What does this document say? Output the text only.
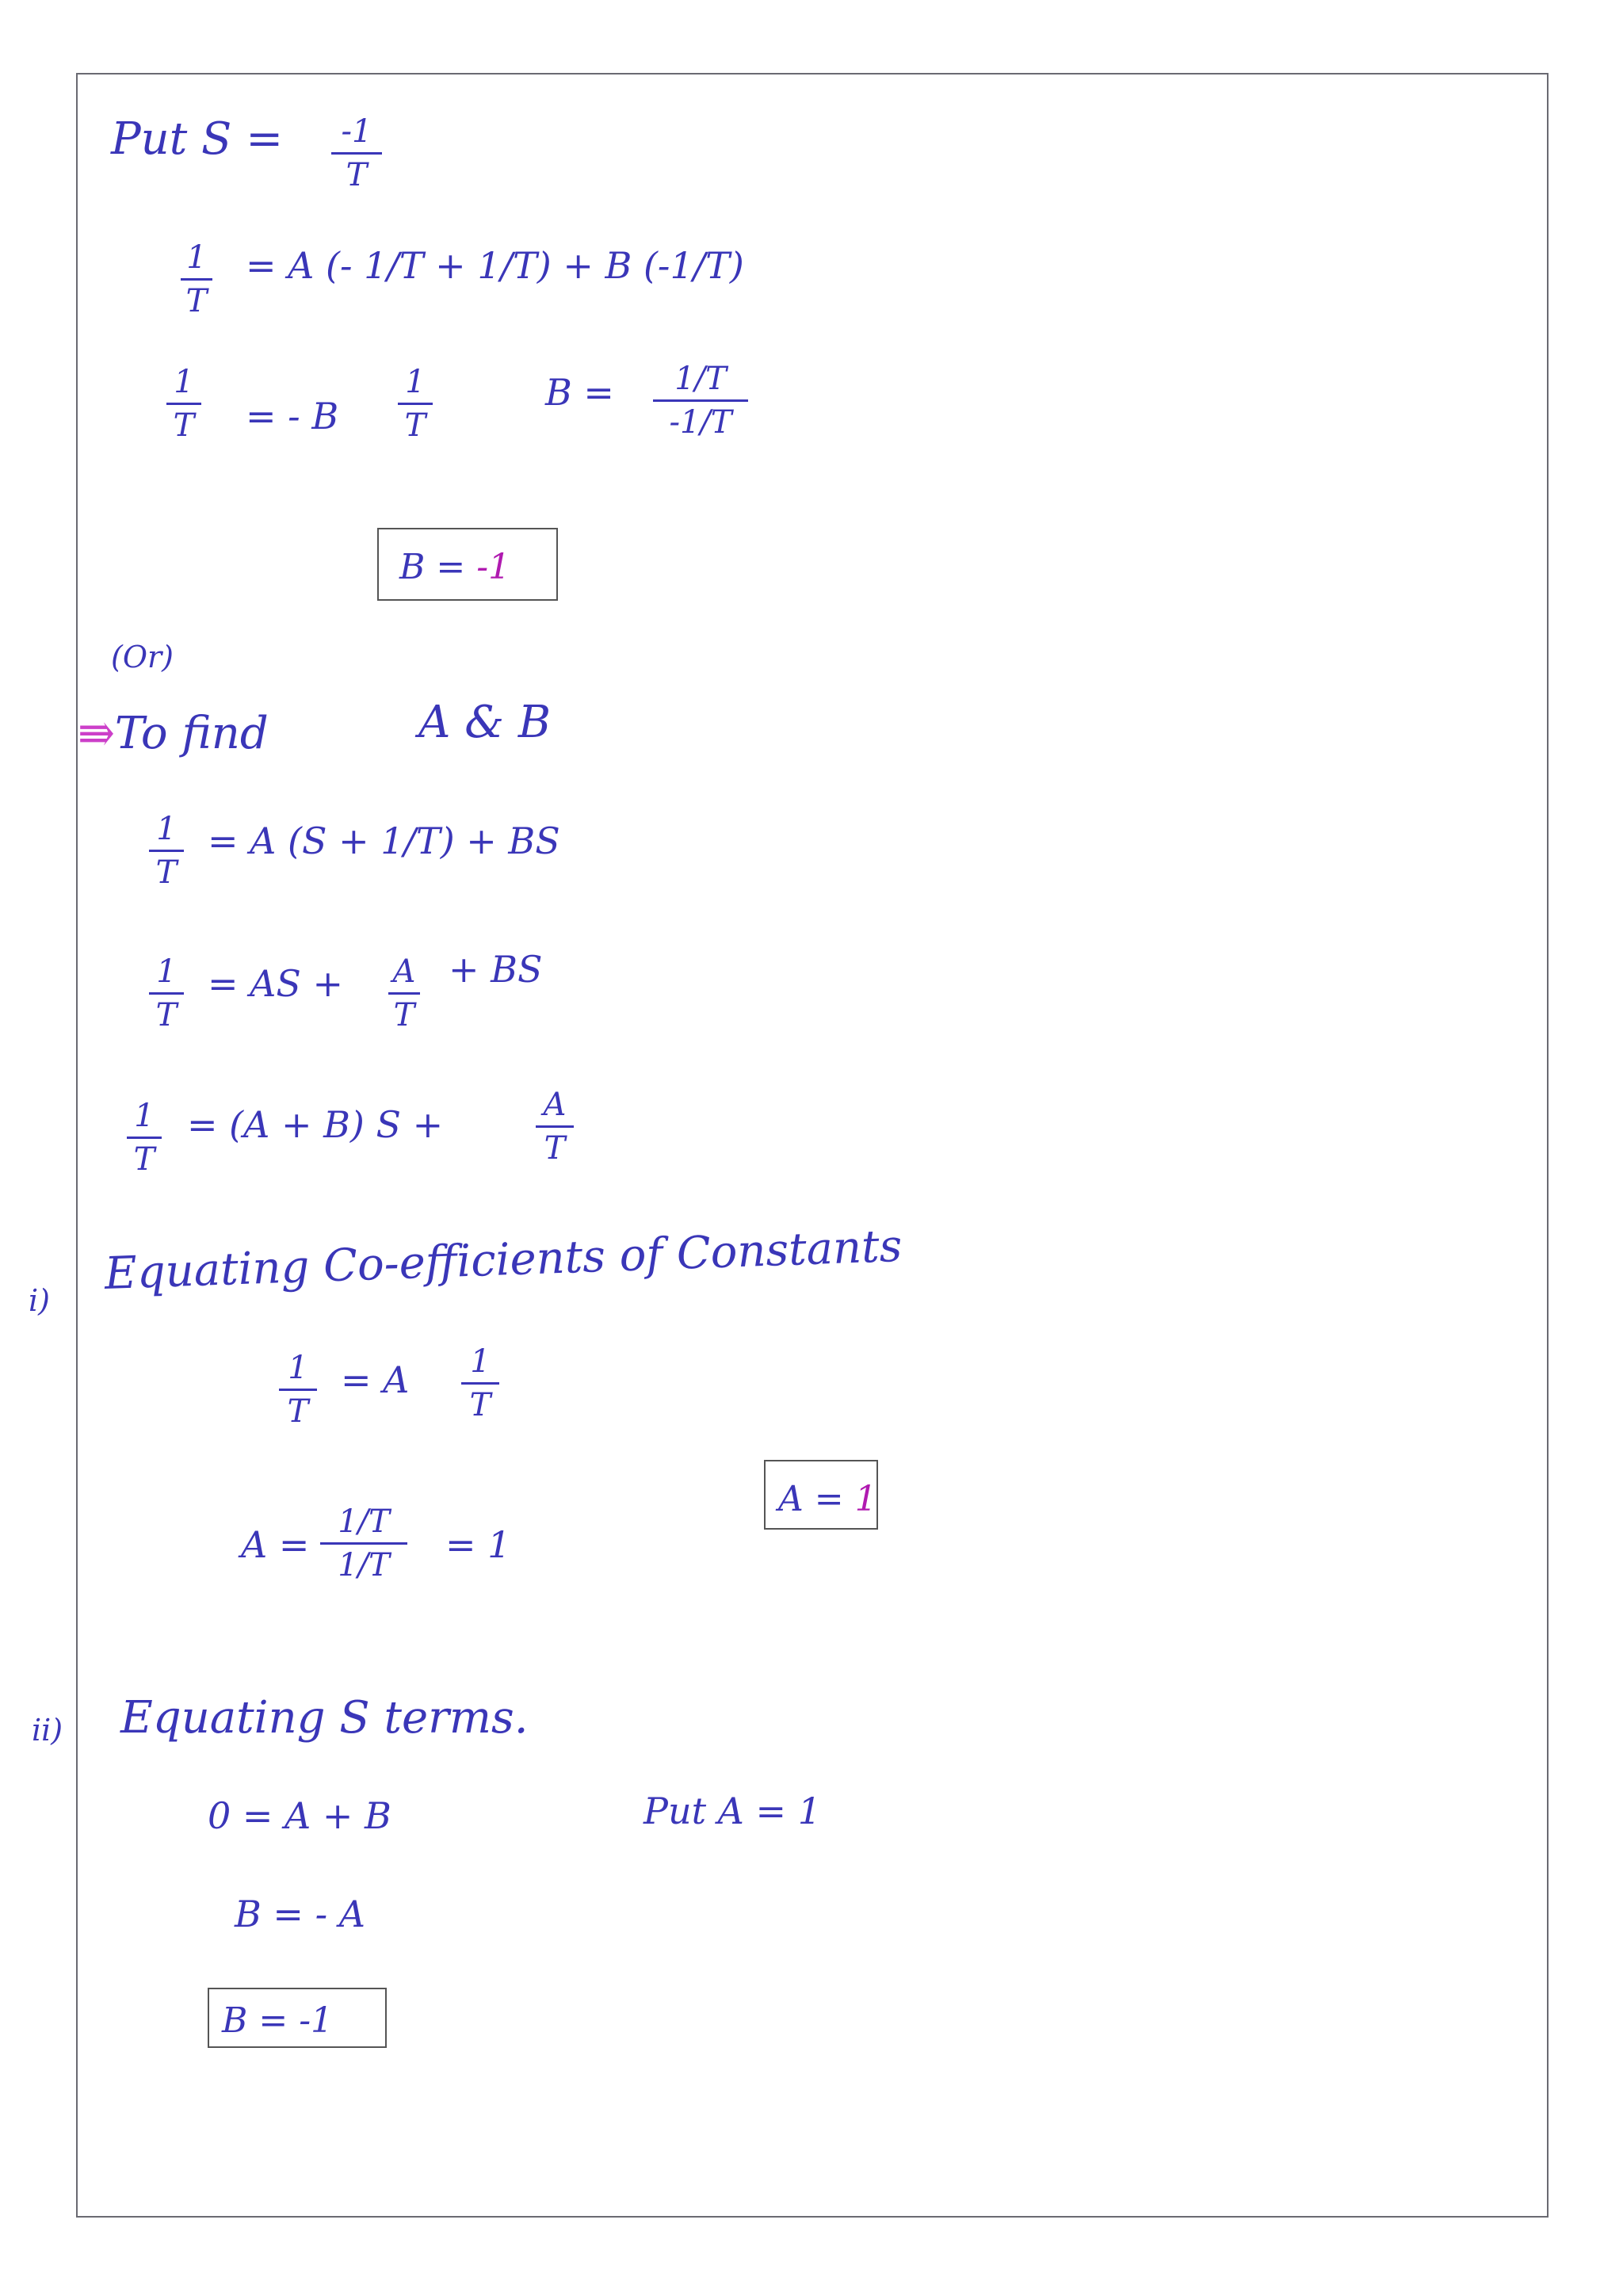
Put S = -1
T
1
T
= A (- 1/T + 1/T) + B (-1/T)
1
T = - B
1
T
B = 1/T
-1/T
B = -1
(Or)
⇛To find	A & B
1
T
= A (S + 1/T) + BS
1
T
= AS + A
T
+ BS
1
T
= (A + B) S +	A
T
i)
Equating Co-efficients of Constants
1
T
= A 1
T
A = 1
A =
1/T
1/T = 1
ii) Equating S terms.
0 = A + B	Put A = 1
B = - A
B = -1
